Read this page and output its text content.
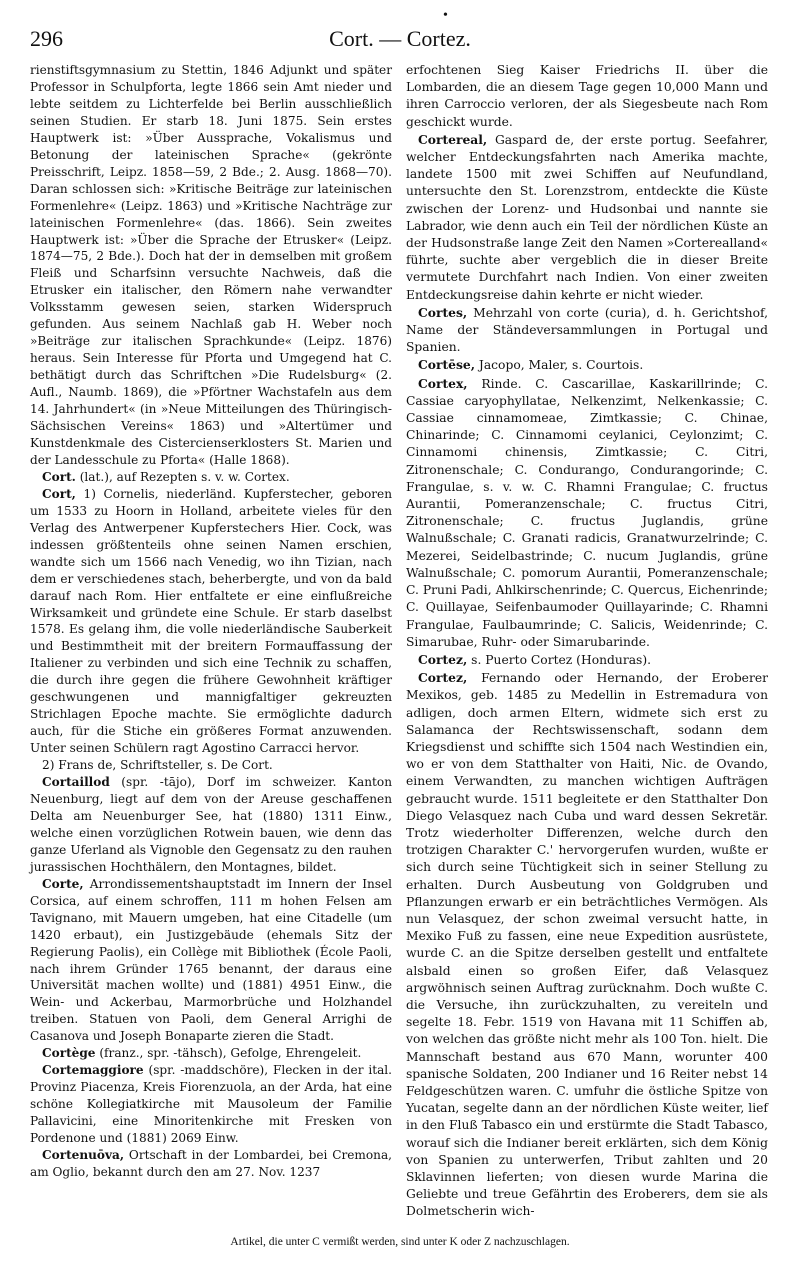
296
•
Cort. — Cortez.

rienstiftsgymnasium zu Stettin, 1846 Adjunkt und später Professor in Schulpforta, legte 1866 sein Amt nieder und lebte seitdem zu Lichterfelde bei Berlin ausschließlich seinen Studien. Er starb 18. Juni 1875. Sein erstes Hauptwerk ist: »Über Aussprache, Vokalismus und Betonung der lateinischen Sprache« (gekrönte Preisschrift, Leipz. 1858—59, 2 Bde.; 2. Ausg. 1868—70). Daran schlossen sich: »Kritische Beiträge zur lateinischen Formenlehre« (Leipz. 1863) und »Kritische Nachträge zur lateinischen Formenlehre« (das. 1866). Sein zweites Hauptwerk ist: »Über die Sprache der Etrusker« (Leipz. 1874—75, 2 Bde.). Doch hat der in demselben mit großem Fleiß und Scharfsinn versuchte Nachweis, daß die Etrusker ein italischer, den Römern nahe verwandter Volksstamm gewesen seien, starken Widerspruch gefunden. Aus seinem Nachlaß gab H. Weber noch »Beiträge zur italischen Sprachkunde« (Leipz. 1876) heraus. Sein Interesse für Pforta und Umgegend hat C. bethätigt durch das Schriftchen »Die Rudelsburg« (2. Aufl., Naumb. 1869), die »Pförtner Wachstafeln aus dem 14. Jahrhundert« (in »Neue Mitteilungen des Thüringisch-Sächsischen Vereins« 1863) und »Altertümer und Kunstdenkmale des Cistercienserklosters St. Marien und der Landesschule zu Pforta« (Halle 1868).

Cort. (lat.), auf Rezepten s. v. w. Cortex.

Cort, 1) Cornelis, niederländ. Kupferstecher, geboren um 1533 zu Hoorn in Holland, arbeitete vieles für den Verlag des Antwerpener Kupferstechers Hier. Cock, was indessen größtenteils ohne seinen Namen erschien, wandte sich um 1566 nach Venedig, wo ihn Tizian, nach dem er verschiedenes stach, beherbergte, und von da bald darauf nach Rom. Hier entfaltete er eine einflußreiche Wirksamkeit und gründete eine Schule. Er starb daselbst 1578. Es gelang ihm, die volle niederländische Sauberkeit und Bestimmtheit mit der breitern Formauffassung der Italiener zu verbinden und sich eine Technik zu schaffen, die durch ihre gegen die frühere Gewohnheit kräftiger geschwungenen und mannigfaltiger gekreuzten Strichlagen Epoche machte. Sie ermöglichte dadurch auch, für die Stiche ein größeres Format anzuwenden. Unter seinen Schülern ragt Agostino Carracci hervor.

2) Frans de, Schriftsteller, s. De Cort.

Cortaillod (spr. -tājo), Dorf im schweizer. Kanton Neuenburg, liegt auf dem von der Areuse geschaffenen Delta am Neuenburger See, hat (1880) 1311 Einw., welche einen vorzüglichen Rotwein bauen, wie denn das ganze Uferland als Vignoble den Gegensatz zu den rauhen jurassischen Hochthälern, den Montagnes, bildet.

Corte, Arrondissementshauptstadt im Innern der Insel Corsica, auf einem schroffen, 111 m hohen Felsen am Tavignano, mit Mauern umgeben, hat eine Citadelle (um 1420 erbaut), ein Justizgebäude (ehemals Sitz der Regierung Paolis), ein Collège mit Bibliothek (École Paoli, nach ihrem Gründer 1765 benannt, der daraus eine Universität machen wollte) und (1881) 4951 Einw., die Wein- und Ackerbau, Marmorbrüche und Holzhandel treiben. Statuen von Paoli, dem General Arrighi de Casanova und Joseph Bonaparte zieren die Stadt.

Cortège (franz., spr. -tähsch), Gefolge, Ehrengeleit.

Cortemaggiore (spr. -maddschöre), Flecken in der ital. Provinz Piacenza, Kreis Fiorenzuola, an der Arda, hat eine schöne Kollegiatkirche mit Mausoleum der Familie Pallavicini, eine Minoritenkirche mit Fresken von Pordenone und (1881) 2069 Einw.

Cortenuōva, Ortschaft in der Lombardei, bei Cremona, am Oglio, bekannt durch den am 27. Nov. 1237

erfochtenen Sieg Kaiser Friedrichs II. über die Lombarden, die an diesem Tage gegen 10,000 Mann und ihren Carroccio verloren, der als Siegesbeute nach Rom geschickt wurde.

Cortereal, Gaspard de, der erste portug. Seefahrer, welcher Entdeckungsfahrten nach Amerika machte, landete 1500 mit zwei Schiffen auf Neufundland, untersuchte den St. Lorenzstrom, entdeckte die Küste zwischen der Lorenz- und Hudsonbai und nannte sie Labrador, wie denn auch ein Teil der nördlichen Küste an der Hudsonstraße lange Zeit den Namen »Corterealland« führte, suchte aber vergeblich die in dieser Breite vermutete Durchfahrt nach Indien. Von einer zweiten Entdeckungsreise dahin kehrte er nicht wieder.

Cortes, Mehrzahl von corte (curia), d. h. Gerichtshof, Name der Ständeversammlungen in Portugal und Spanien.

Cortēse, Jacopo, Maler, s. Courtois.

Cortex, Rinde. C. Cascarillae, Kaskarillrinde; C. Cassiae caryophyllatae, Nelkenzimt, Nelkenkassie; C. Cassiae cinnamomeae, Zimtkassie; C. Chinae, Chinarinde; C. Cinnamomi ceylanici, Ceylonzimt; C. Cinnamomi chinensis, Zimtkassie; C. Citri, Zitronenschale; C. Condurango, Condurangorinde; C. Frangulae, s. v. w. C. Rhamni Frangulae; C. fructus Aurantii, Pomeranzenschale; C. fructus Citri, Zitronenschale; C. fructus Juglandis, grüne Walnußschale; C. Granati radicis, Granatwurzelrinde; C. Mezerei, Seidelbastrinde; C. nucum Juglandis, grüne Walnußschale; C. pomorum Aurantii, Pomeranzenschale; C. Pruni Padi, Ahlkirschenrinde; C. Quercus, Eichenrinde; C. Quillayae, Seifenbaumoder Quillayarinde; C. Rhamni Frangulae, Faulbaumrinde; C. Salicis, Weidenrinde; C. Simarubae, Ruhr- oder Simarubarinde.

Cortez, s. Puerto Cortez (Honduras).

Cortez, Fernando oder Hernando, der Eroberer Mexikos, geb. 1485 zu Medellin in Estremadura von adligen, doch armen Eltern, widmete sich erst zu Salamanca der Rechtswissenschaft, sodann dem Kriegsdienst und schiffte sich 1504 nach Westindien ein, wo er von dem Statthalter von Haiti, Nic. de Ovando, einem Verwandten, zu manchen wichtigen Aufträgen gebraucht wurde. 1511 begleitete er den Statthalter Don Diego Velasquez nach Cuba und ward dessen Sekretär. Trotz wiederholter Differenzen, welche durch den trotzigen Charakter C.' hervorgerufen wurden, wußte er sich durch seine Tüchtigkeit sich in seiner Stellung zu erhalten. Durch Ausbeutung von Goldgruben und Pflanzungen erwarb er ein beträchtliches Vermögen. Als nun Velasquez, der schon zweimal versucht hatte, in Mexiko Fuß zu fassen, eine neue Expedition ausrüstete, wurde C. an die Spitze derselben gestellt und entfaltete alsbald einen so großen Eifer, daß Velasquez argwöhnisch seinen Auftrag zurücknahm. Doch wußte C. die Versuche, ihn zurückzuhalten, zu vereiteln und segelte 18. Febr. 1519 von Havana mit 11 Schiffen ab, von welchen das größte nicht mehr als 100 Ton. hielt. Die Mannschaft bestand aus 670 Mann, worunter 400 spanische Soldaten, 200 Indianer und 16 Reiter nebst 14 Feldgeschützen waren. C. umfuhr die östliche Spitze von Yucatan, segelte dann an der nördlichen Küste weiter, lief in den Fluß Tabasco ein und erstürmte die Stadt Tabasco, worauf sich die Indianer bereit erklärten, sich dem König von Spanien zu unterwerfen, Tribut zahlten und 20 Sklavinnen lieferten; von diesen wurde Marina die Geliebte und treue Gefährtin des Eroberers, dem sie als Dolmetscherin wich-

Artikel, die unter C vermißt werden, sind unter K oder Z nachzuschlagen.
